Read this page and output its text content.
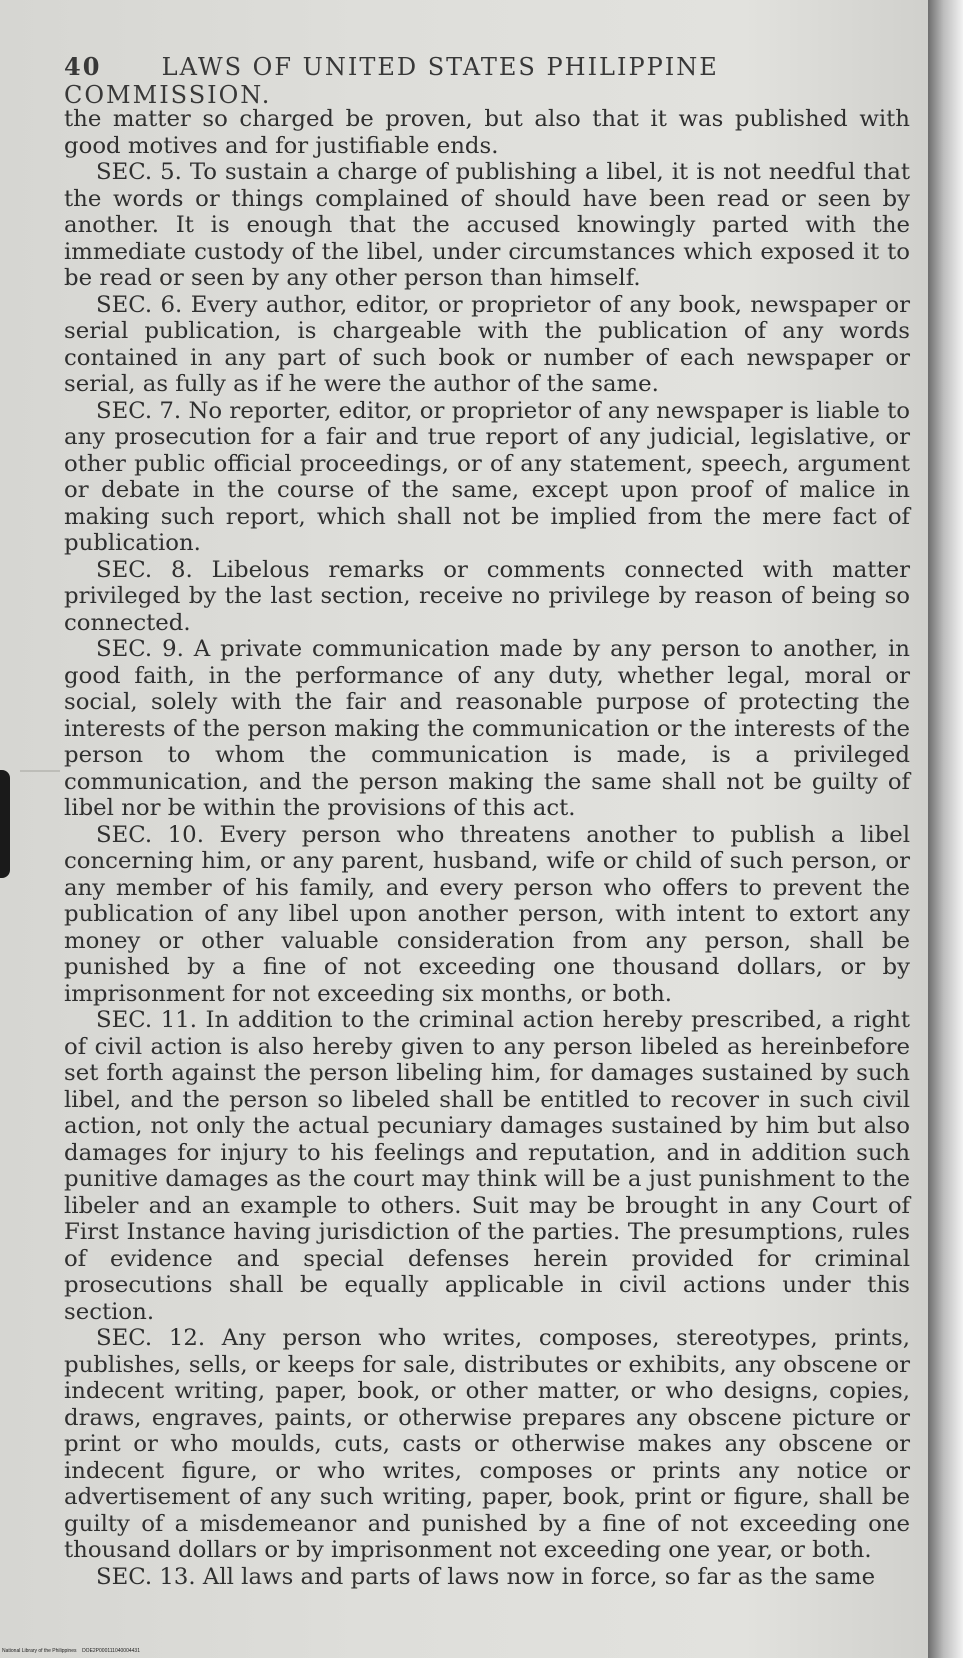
40	LAWS OF UNITED STATES PHILIPPINE COMMISSION.

the matter so charged be proven, but also that it was published with good motives and for justifiable ends.

SEC. 5. To sustain a charge of publishing a libel, it is not needful that the words or things complained of should have been read or seen by another. It is enough that the accused knowingly parted with the immediate custody of the libel, under circumstances which exposed it to be read or seen by any other person than himself.

SEC. 6. Every author, editor, or proprietor of any book, newspaper or serial publication, is chargeable with the publication of any words contained in any part of such book or number of each newspaper or serial, as fully as if he were the author of the same.

SEC. 7. No reporter, editor, or proprietor of any newspaper is liable to any prosecution for a fair and true report of any judicial, legislative, or other public official proceedings, or of any statement, speech, argument or debate in the course of the same, except upon proof of malice in making such report, which shall not be implied from the mere fact of publication.

SEC. 8. Libelous remarks or comments connected with matter privileged by the last section, receive no privilege by reason of being so connected.

SEC. 9. A private communication made by any person to another, in good faith, in the performance of any duty, whether legal, moral or social, solely with the fair and reasonable purpose of protecting the interests of the person making the communication or the interests of the person to whom the communication is made, is a privileged communication, and the person making the same shall not be guilty of libel nor be within the provisions of this act.

SEC. 10. Every person who threatens another to publish a libel concerning him, or any parent, husband, wife or child of such person, or any member of his family, and every person who offers to prevent the publication of any libel upon another person, with intent to extort any money or other valuable consideration from any person, shall be punished by a fine of not exceeding one thousand dollars, or by imprisonment for not exceeding six months, or both.

SEC. 11. In addition to the criminal action hereby prescribed, a right of civil action is also hereby given to any person libeled as hereinbefore set forth against the person libeling him, for damages sustained by such libel, and the person so libeled shall be entitled to recover in such civil action, not only the actual pecuniary damages sustained by him but also damages for injury to his feelings and reputation, and in addition such punitive damages as the court may think will be a just punishment to the libeler and an example to others. Suit may be brought in any Court of First Instance having jurisdiction of the parties. The presumptions, rules of evidence and special defenses herein provided for criminal prosecutions shall be equally applicable in civil actions under this section.

SEC. 12. Any person who writes, composes, stereotypes, prints, publishes, sells, or keeps for sale, distributes or exhibits, any obscene or indecent writing, paper, book, or other matter, or who designs, copies, draws, engraves, paints, or otherwise prepares any obscene picture or print or who moulds, cuts, casts or otherwise makes any obscene or indecent figure, or who writes, composes or prints any notice or advertisement of any such writing, paper, book, print or figure, shall be guilty of a misdemeanor and punished by a fine of not exceeding one thousand dollars or by imprisonment not exceeding one year, or both.

SEC. 13. All laws and parts of laws now in force, so far as the same

National Library of the Philippines DOE2P000111040004431
